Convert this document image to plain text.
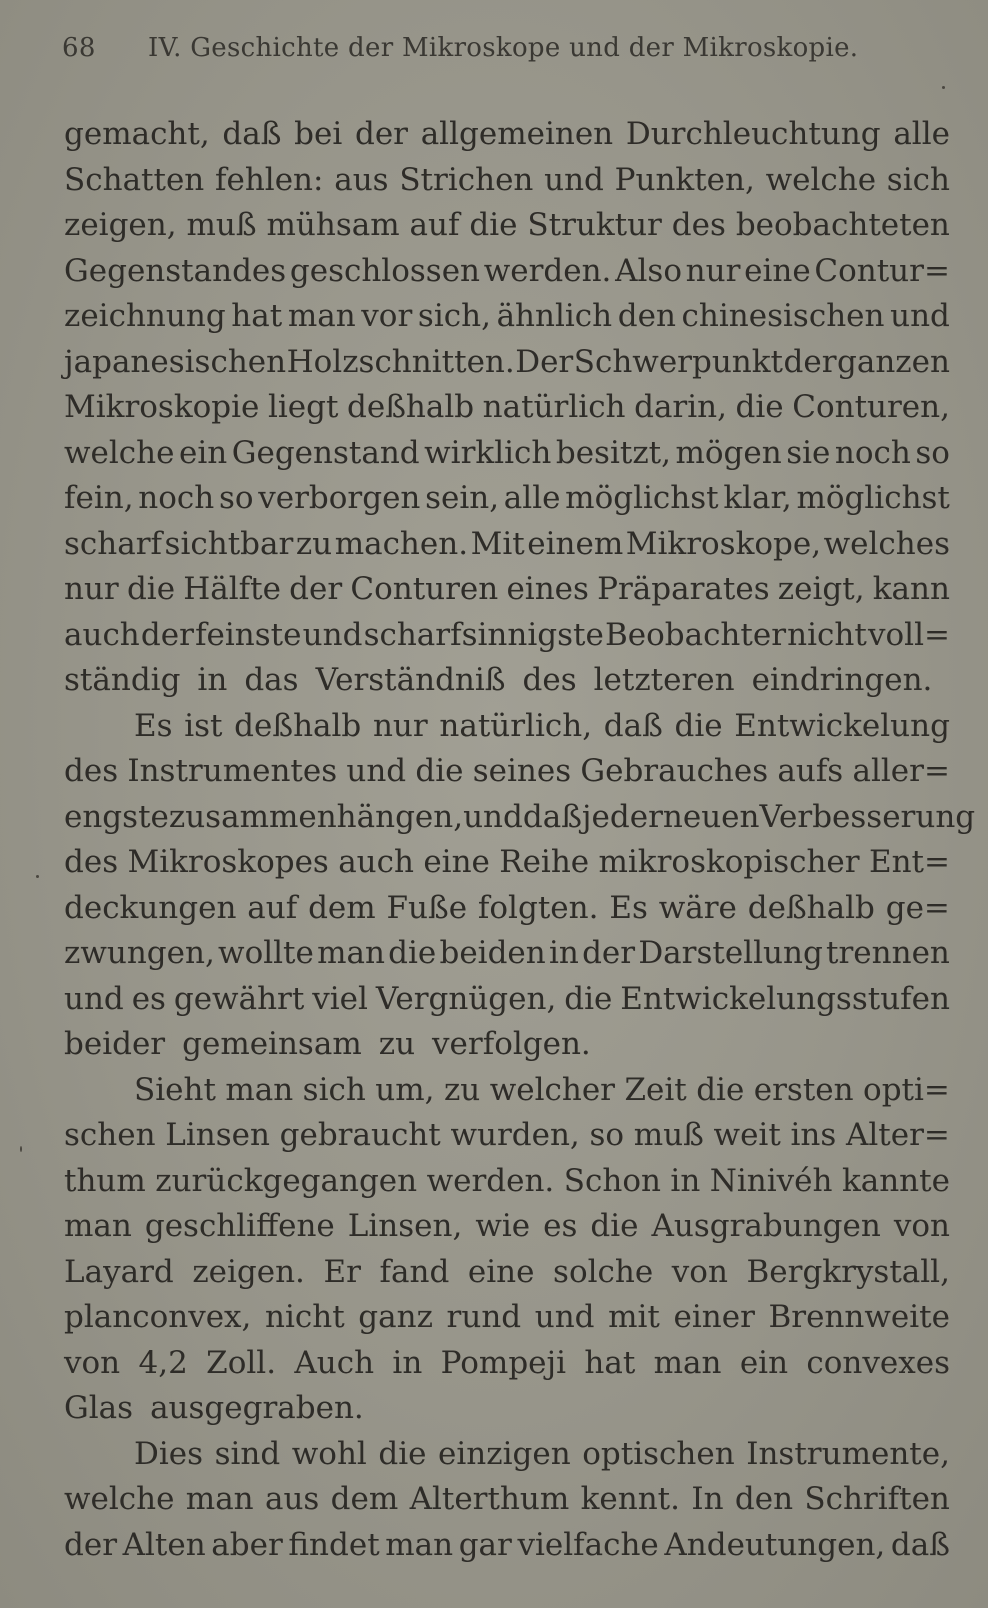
68	IV. Geschichte der Mikroskope und der Mikroskopie.
gemacht, daß bei der allgemeinen Durchleuchtung alle
Schatten fehlen: aus Strichen und Punkten, welche sich
zeigen, muß mühsam auf die Struktur des beobachteten
Gegenstandes geschlossen werden. Also nur eine Contur=
zeichnung hat man vor sich, ähnlich den chinesischen und
japanesischen Holzschnitten. Der Schwerpunkt der ganzen
Mikroskopie liegt deßhalb natürlich darin, die Conturen,
welche ein Gegenstand wirklich besitzt, mögen sie noch so
fein, noch so verborgen sein, alle möglichst klar, möglichst
scharf sichtbar zu machen. Mit einem Mikroskope, welches
nur die Hälfte der Conturen eines Präparates zeigt, kann
auch der feinste und scharfsinnigste Beobachter nicht voll=
ständig in das Verständniß des letzteren eindringen.
Es ist deßhalb nur natürlich, daß die Entwickelung
des Instrumentes und die seines Gebrauches aufs aller=
engste zusammenhängen, und daß jeder neuen Verbesserung
des Mikroskopes auch eine Reihe mikroskopischer Ent=
deckungen auf dem Fuße folgten. Es wäre deßhalb ge=
zwungen, wollte man die beiden in der Darstellung trennen
und es gewährt viel Vergnügen, die Entwickelungsstufen
beider gemeinsam zu verfolgen.
Sieht man sich um, zu welcher Zeit die ersten opti=
schen Linsen gebraucht wurden, so muß weit ins Alter=
thum zurückgegangen werden. Schon in Ninivéh kannte
man geschliffene Linsen, wie es die Ausgrabungen von
Layard zeigen. Er fand eine solche von Bergkrystall,
planconvex, nicht ganz rund und mit einer Brennweite
von 4,2 Zoll. Auch in Pompeji hat man ein convexes
Glas ausgegraben.
Dies sind wohl die einzigen optischen Instrumente,
welche man aus dem Alterthum kennt. In den Schriften
der Alten aber findet man gar vielfache Andeutungen, daß
